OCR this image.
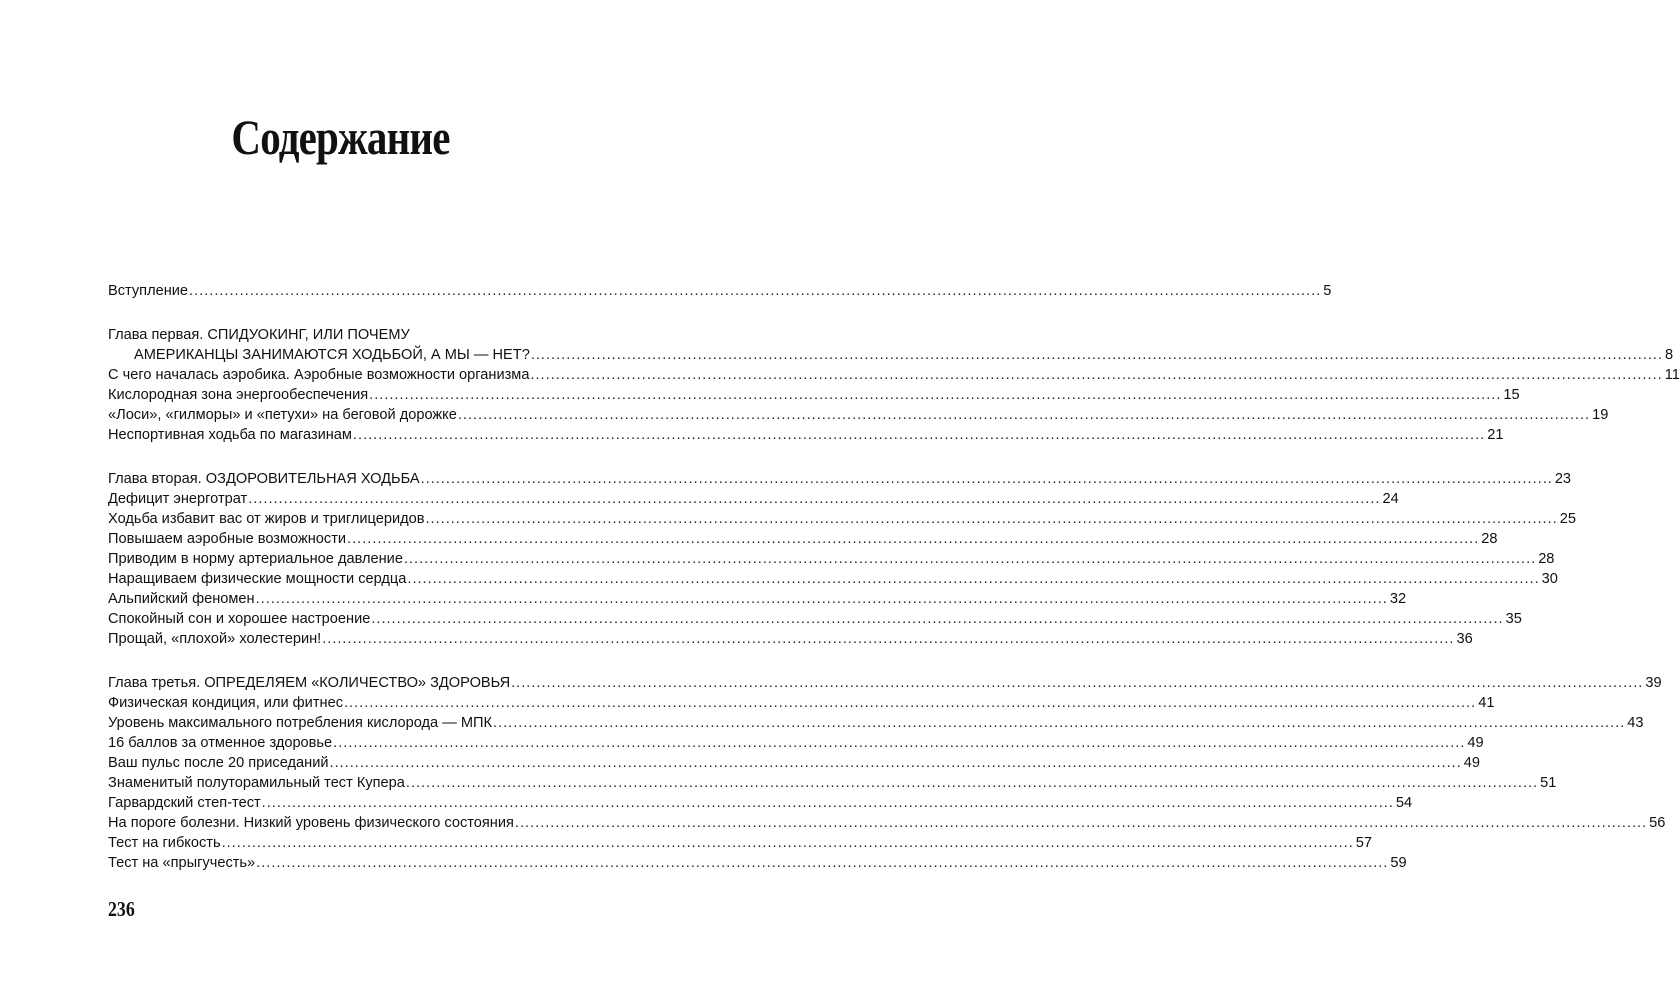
Содержание
Вступление .....	5
Глава первая. СПИДУОКИНГ, ИЛИ ПОЧЕМУ
АМЕРИКАНЦЫ ЗАНИМАЮТСЯ ХОДЬБОЙ, А МЫ — НЕТ? .....	8
С чего началась аэробика. Аэробные возможности организма .....	11
Кислородная зона энергообеспечения .....	15
«Лоси», «гилморы» и «петухи» на беговой дорожке .....	19
Неспортивная ходьба по магазинам .....	21
Глава вторая. ОЗДОРОВИТЕЛЬНАЯ ХОДЬБА .....	23
Дефицит энерготрат .....	24
Ходьба избавит вас от жиров и триглицеридов .....	25
Повышаем аэробные возможности .....	28
Приводим в норму артериальное давление .....	28
Наращиваем физические мощности сердца .....	30
Альпийский феномен .....	32
Спокойный сон и хорошее настроение .....	35
Прощай, «плохой» холестерин! .....	36
Глава третья. ОПРЕДЕЛЯЕМ «КОЛИЧЕСТВО» ЗДОРОВЬЯ .....	39
Физическая кондиция, или фитнес .....	41
Уровень максимального потребления кислорода — МПК .....	43
16 баллов за отменное здоровье .....	49
Ваш пульс после 20 приседаний .....	49
Знаменитый полуторамильный тест Купера .....	51
Гарвардский степ-тест .....	54
На пороге болезни. Низкий уровень физического состояния .....	56
Тест на гибкость .....	57
Тест на «прыгучесть» .....	59
236
